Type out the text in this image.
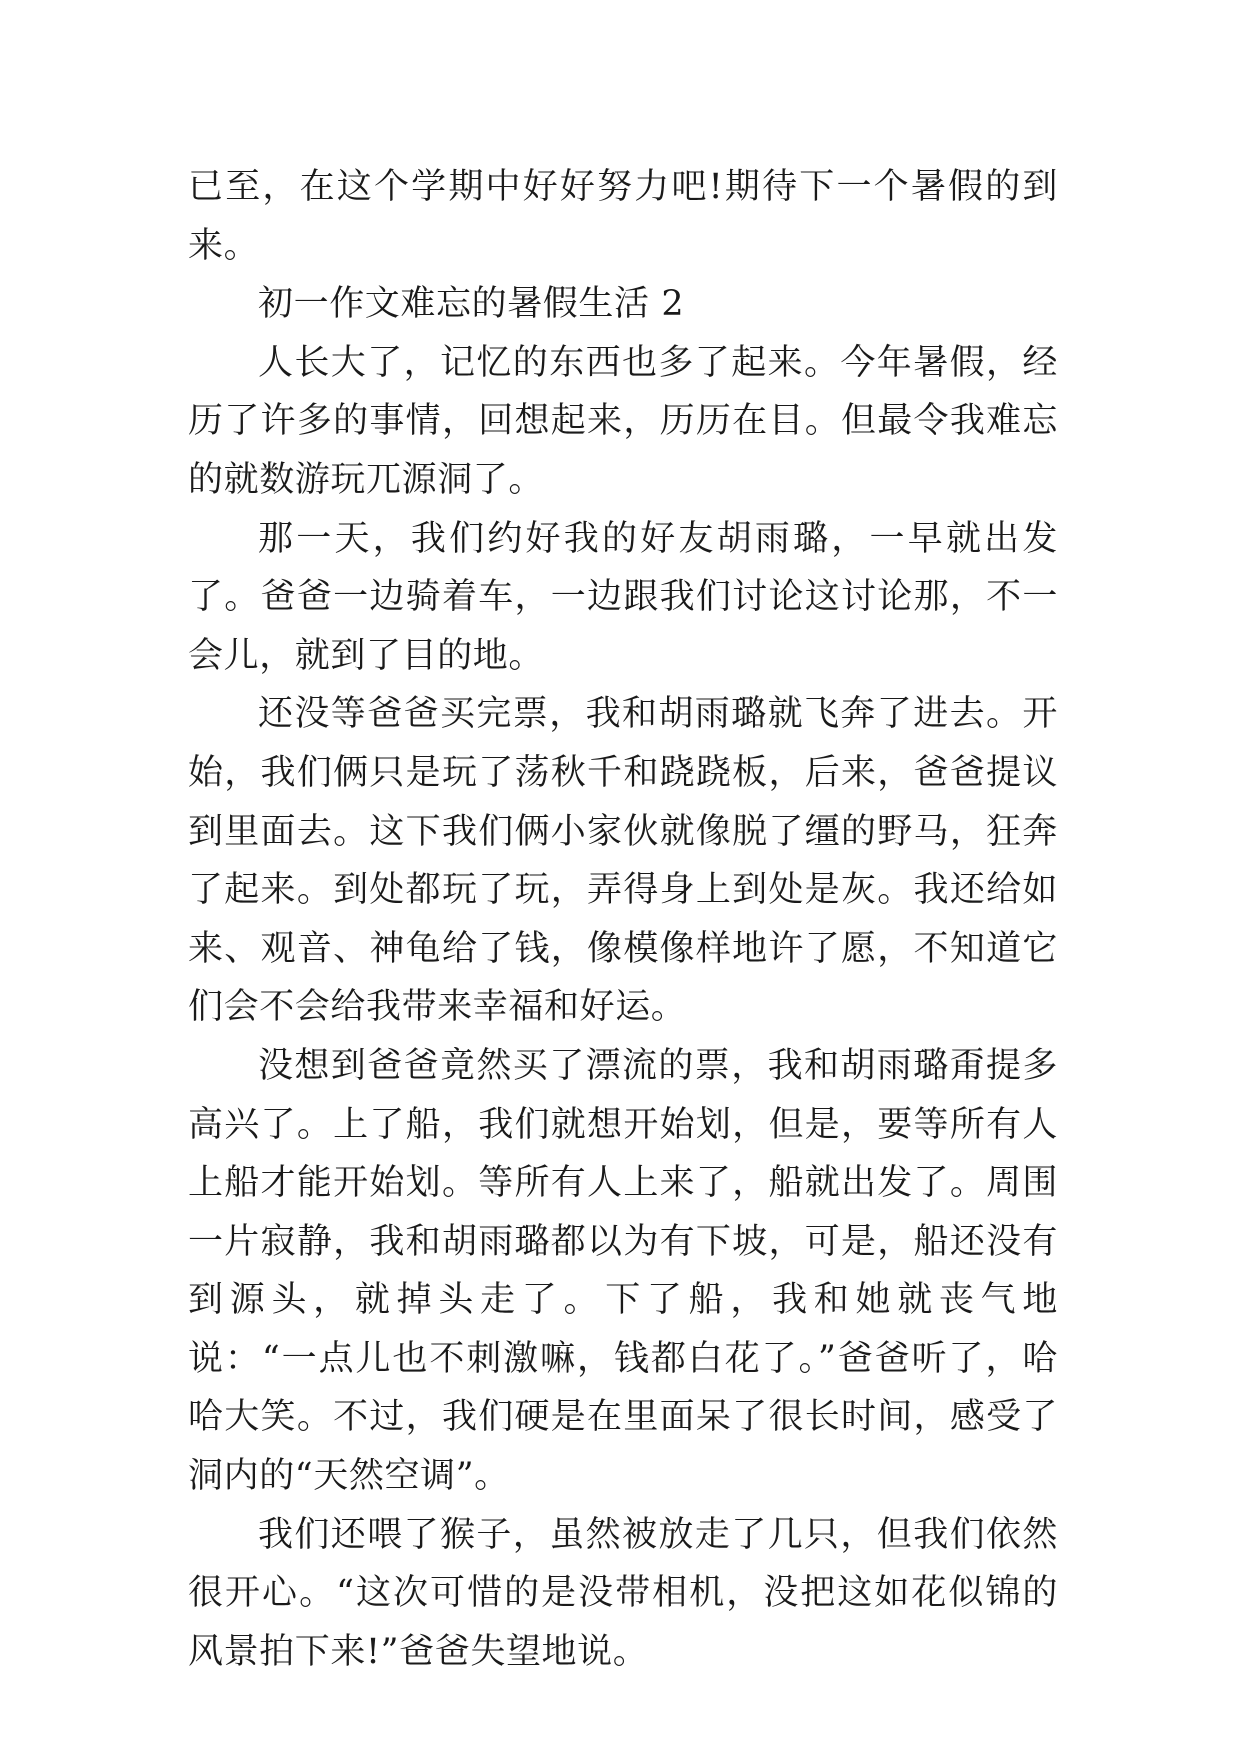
已至，在这个学期中好好努力吧!期待下一个暑假的到来。

初一作文难忘的暑假生活 2

人长大了，记忆的东西也多了起来。今年暑假，经历了许多的事情，回想起来，历历在目。但最令我难忘的就数游玩兀源洞了。

那一天，我们约好我的好友胡雨璐，一早就出发了。爸爸一边骑着车，一边跟我们讨论这讨论那，不一会儿，就到了目的地。

还没等爸爸买完票，我和胡雨璐就飞奔了进去。开始，我们俩只是玩了荡秋千和跷跷板，后来，爸爸提议到里面去。这下我们俩小家伙就像脱了缰的野马，狂奔了起来。到处都玩了玩，弄得身上到处是灰。我还给如来、观音、神龟给了钱，像模像样地许了愿，不知道它们会不会给我带来幸福和好运。

没想到爸爸竟然买了漂流的票，我和胡雨璐甭提多高兴了。上了船，我们就想开始划，但是，要等所有人上船才能开始划。等所有人上来了，船就出发了。周围一片寂静，我和胡雨璐都以为有下坡，可是，船还没有到源头，就掉头走了。下了船，我和她就丧气地说：“一点儿也不刺激嘛，钱都白花了。”爸爸听了，哈哈大笑。不过，我们硬是在里面呆了很长时间，感受了洞内的“天然空调”。

我们还喂了猴子，虽然被放走了几只，但我们依然很开心。“这次可惜的是没带相机，没把这如花似锦的风景拍下来!”爸爸失望地说。
